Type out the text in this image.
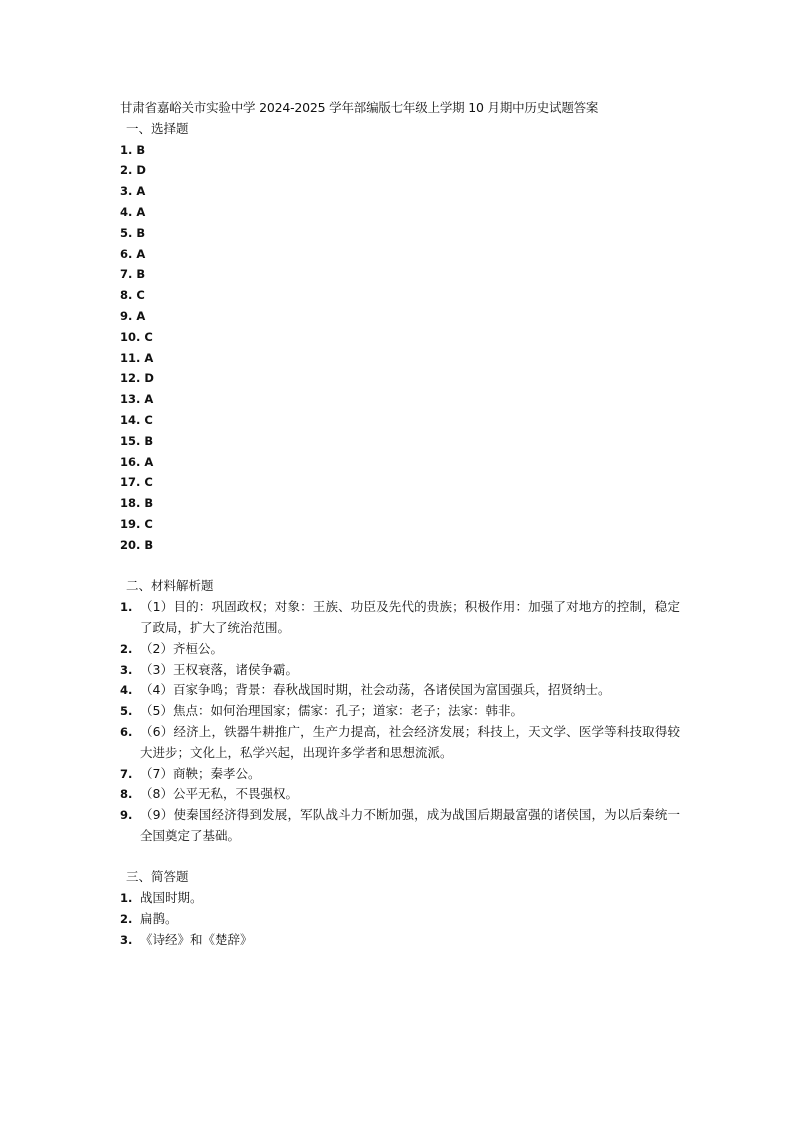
甘肃省嘉峪关市实验中学 2024-2025 学年部编版七年级上学期 10 月期中历史试题答案
一、选择题
1. B
2. D
3. A
4. A
5. B
6. A
7. B
8. C
9. A
10. C
11. A
12. D
13. A
14. C
15. B
16. A
17. C
18. B
19. C
20. B
二、材料解析题
1. （1）目的：巩固政权；对象：王族、功臣及先代的贵族；积极作用：加强了对地方的控制，稳定了政局，扩大了统治范围。
2. （2）齐桓公。
3. （3）王权衰落，诸侯争霸。
4. （4）百家争鸣；背景：春秋战国时期，社会动荡，各诸侯国为富国强兵，招贤纳士。
5. （5）焦点：如何治理国家；儒家：孔子；道家：老子；法家：韩非。
6. （6）经济上，铁器牛耕推广，生产力提高，社会经济发展；科技上，天文学、医学等科技取得较大进步；文化上，私学兴起，出现许多学者和思想流派。
7. （7）商鞅；秦孝公。
8. （8）公平无私，不畏强权。
9. （9）使秦国经济得到发展，军队战斗力不断加强，成为战国后期最富强的诸侯国，为以后秦统一全国奠定了基础。
三、简答题
1. 战国时期。
2. 扁鹊。
3. 《诗经》和《楚辞》
